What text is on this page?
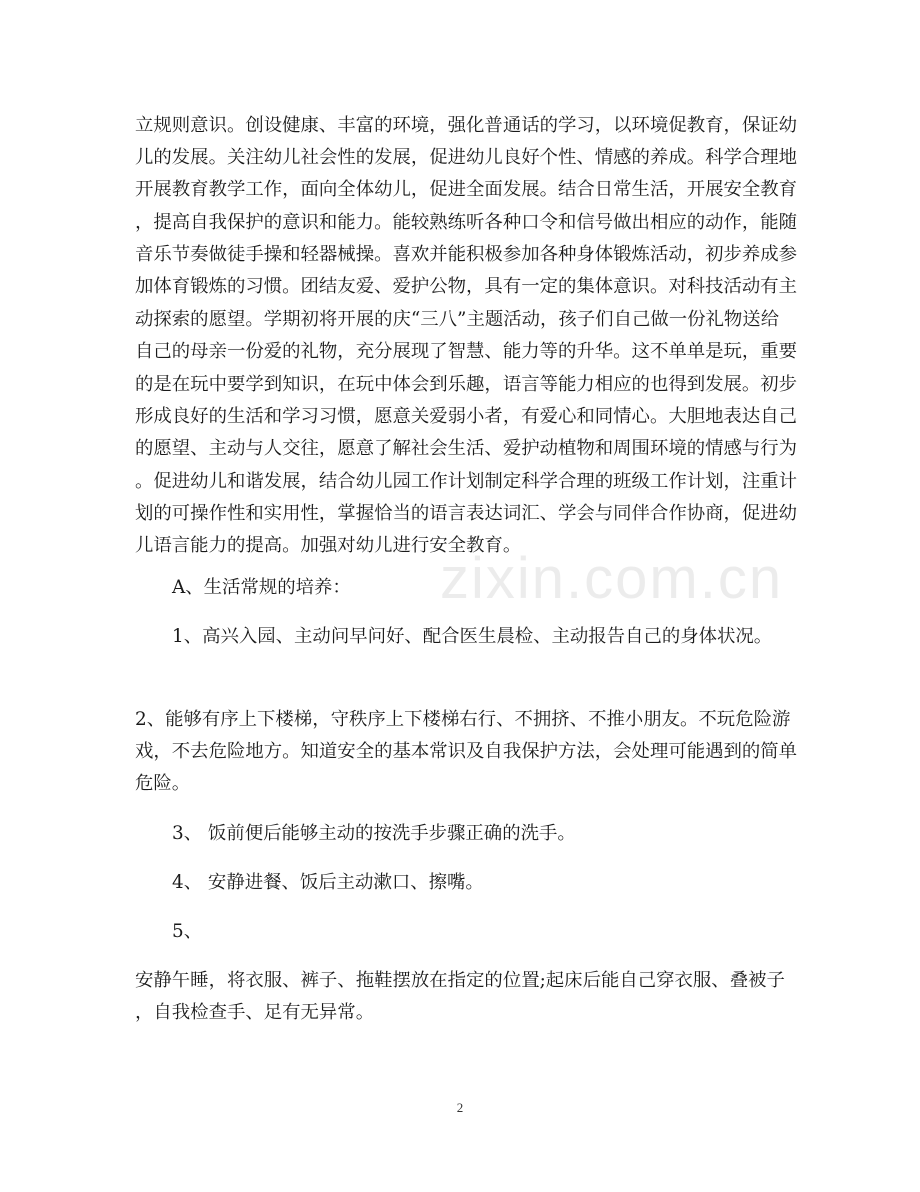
zixin.com.cn
立规则意识。创设健康、丰富的环境，强化普通话的学习，以环境促教育，保证幼
儿的发展。关注幼儿社会性的发展，促进幼儿良好个性、情感的养成。科学合理地
开展教育教学工作，面向全体幼儿，促进全面发展。结合日常生活，开展安全教育
，提高自我保护的意识和能力。能较熟练听各种口令和信号做出相应的动作，能随
音乐节奏做徒手操和轻器械操。喜欢并能积极参加各种身体锻炼活动，初步养成参
加体育锻炼的习惯。团结友爱、爱护公物，具有一定的集体意识。对科技活动有主
动探索的愿望。学期初将开展的庆“三八”主题活动，孩子们自己做一份礼物送给
自己的母亲一份爱的礼物，充分展现了智慧、能力等的升华。这不单单是玩，重要
的是在玩中要学到知识，在玩中体会到乐趣，语言等能力相应的也得到发展。初步
形成良好的生活和学习习惯，愿意关爱弱小者，有爱心和同情心。大胆地表达自己
的愿望、主动与人交往，愿意了解社会生活、爱护动植物和周围环境的情感与行为
。促进幼儿和谐发展，结合幼儿园工作计划制定科学合理的班级工作计划，注重计
划的可操作性和实用性，掌握恰当的语言表达词汇、学会与同伴合作协商，促进幼
儿语言能力的提高。加强对幼儿进行安全教育。
A、生活常规的培养：
1、高兴入园、主动问早问好、配合医生晨检、主动报告自己的身体状况。
2、能够有序上下楼梯，守秩序上下楼梯右行、不拥挤、不推小朋友。不玩危险游
戏，不去危险地方。知道安全的基本常识及自我保护方法，会处理可能遇到的简单
危险。
3、 饭前便后能够主动的按洗手步骤正确的洗手。
4、 安静进餐、饭后主动漱口、擦嘴。
5、
安静午睡，将衣服、裤子、拖鞋摆放在指定的位置;起床后能自己穿衣服、叠被子
，自我检查手、足有无异常。
2
